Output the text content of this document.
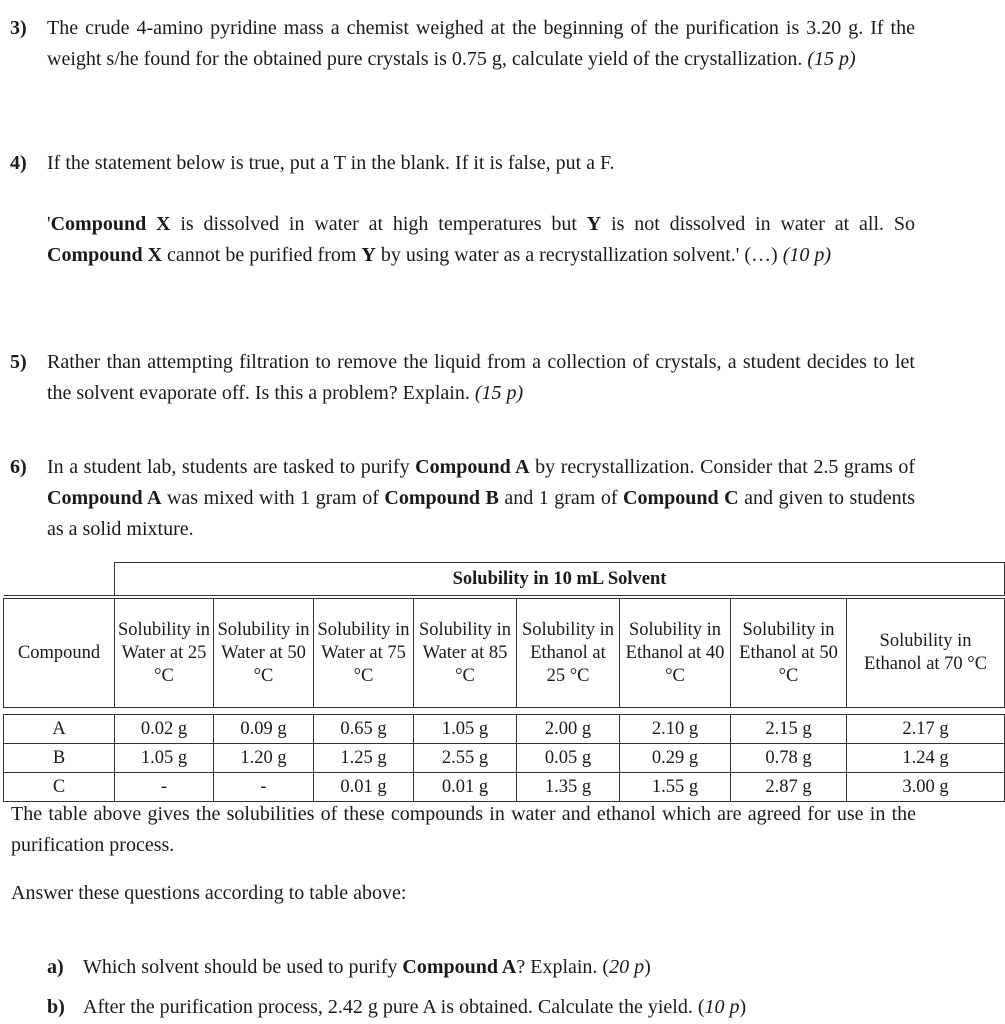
3) The crude 4-amino pyridine mass a chemist weighed at the beginning of the purification is 3.20 g. If the weight s/he found for the obtained pure crystals is 0.75 g, calculate yield of the crystallization. (15 p)

4) If the statement below is true, put a T in the blank. If it is false, put a F.

'Compound X is dissolved in water at high temperatures but Y is not dissolved in water at all. So Compound X cannot be purified from Y by using water as a recrystallization solvent.' (…) (10 p)

5) Rather than attempting filtration to remove the liquid from a collection of crystals, a student decides to let the solvent evaporate off. Is this a problem? Explain. (15 p)

6) In a student lab, students are tasked to purify Compound A by recrystallization. Consider that 2.5 grams of Compound A was mixed with 1 gram of Compound B and 1 gram of Compound C and given to students as a solid mixture.

	Solubility in 10 mL Solvent							

Compound	Solubility in Water at 25 °C	Solubility in Water at 50 °C	Solubility in Water at 75 °C	Solubility in Water at 85 °C	Solubility in Ethanol at 25 °C	Solubility in Ethanol at 40 °C	Solubility in Ethanol at 50 °C	Solubility in Ethanol at 70 °C

A	0.02 g	0.09 g	0.65 g	1.05 g	2.00 g	2.10 g	2.15 g	2.17 g
B	1.05 g	1.20 g	1.25 g	2.55 g	0.05 g	0.29 g	0.78 g	1.24 g
C	-	-	0.01 g	0.01 g	1.35 g	1.55 g	2.87 g	3.00 g
The table above gives the solubilities of these compounds in water and ethanol which are agreed for use in the purification process.
Answer these questions according to table above:
a) Which solvent should be used to purify Compound A? Explain. (20 p)
b) After the purification process, 2.42 g pure A is obtained. Calculate the yield. (10 p)
